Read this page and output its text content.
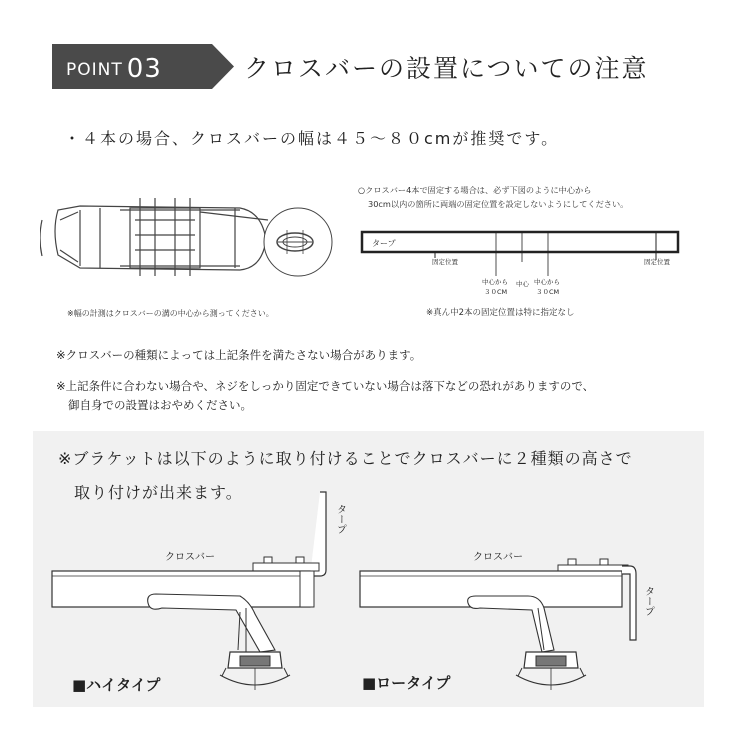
POINT 03	クロスバーの設置についての注意
・４本の場合、クロスバーの幅は４５～８０cmが推奨です。
※幅の計測はクロスバーの溝の中心から測ってください。
○クロスバー4本で固定する場合は、必ず下図のように中心から
30cm以内の箇所に両端の固定位置を設定しないようにしてください。
タープ
固定位置	固定位置
中心から
３０CM
中心 中心から
３０CM
※真ん中2本の固定位置は特に指定なし
※クロスバーの種類によっては上記条件を満たさない場合があります。
※上記条件に合わない場合や、ネジをしっかり固定できていない場合は落下などの恐れがありますので、
御自身での設置はおやめください。
※ブラケットは以下のように取り付けることでクロスバーに２種類の高さで
取り付けが出来ます。
タープ
クロスバー
■ハイタイプ
クロスバー
タープ
■ロータイプ
